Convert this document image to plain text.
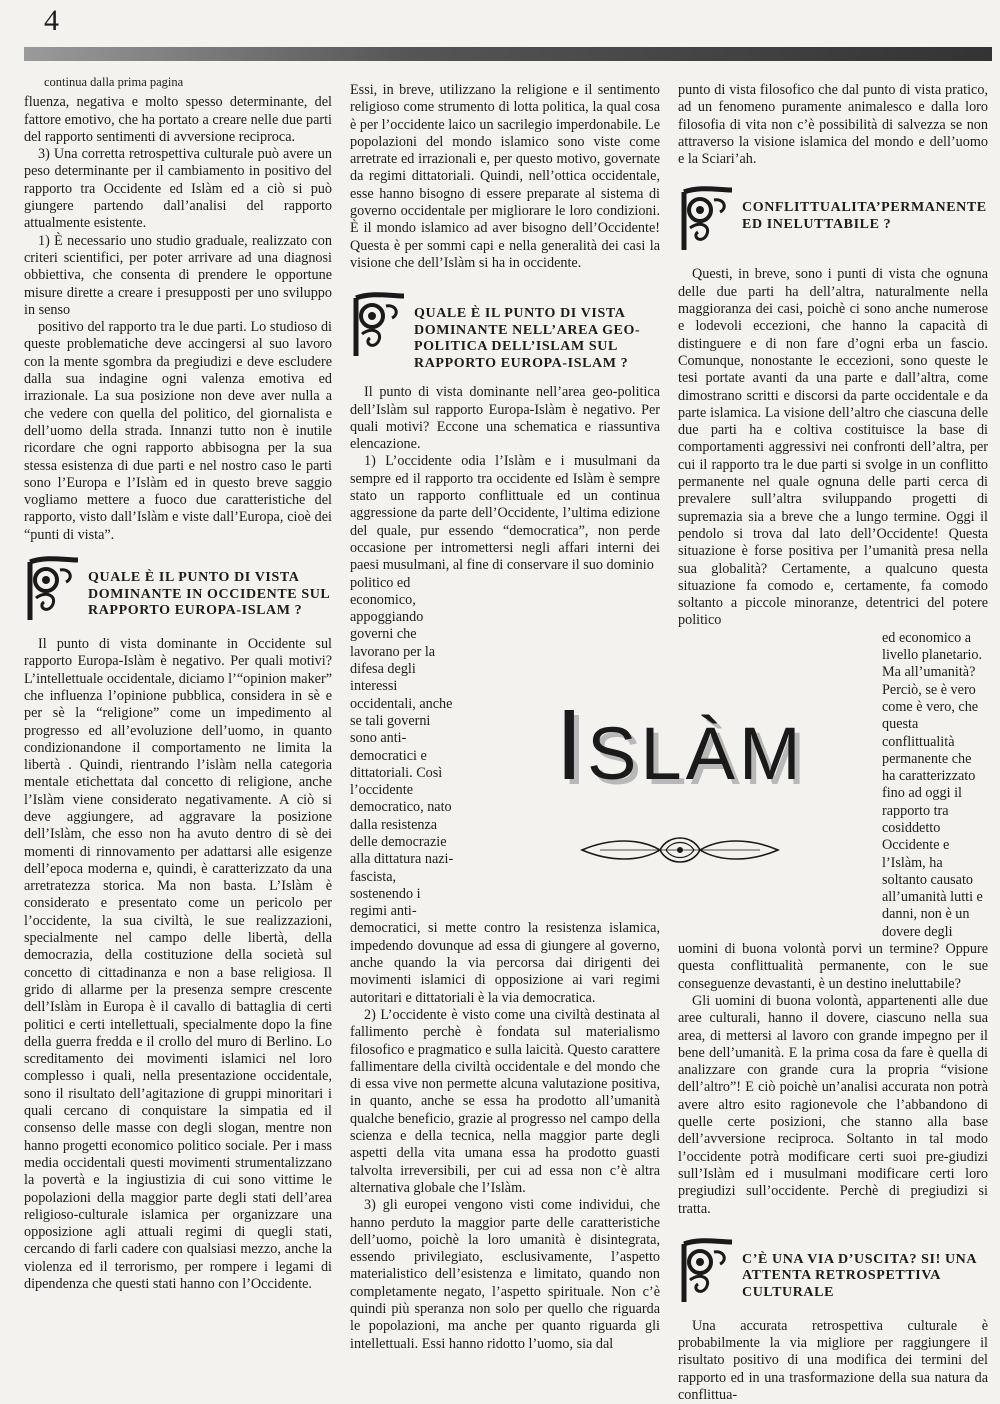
4

continua dalla prima pagina

fluenza, negativa e molto spesso determinante, del fattore emotivo, che ha portato a creare nelle due parti del rapporto sentimenti di avversione reciproca.

3) Una corretta retrospettiva culturale può avere un peso determinante per il cambiamento in positivo del rapporto tra Occidente ed Islàm ed a ciò si può giungere partendo dall’analisi del rapporto attualmente esistente.

1) È necessario uno studio graduale, realizzato con criteri scientifici, per poter arrivare ad una diagnosi obbiettiva, che consenta di prendere le opportune misure dirette a creare i presupposti per uno sviluppo in senso

positivo del rapporto tra le due parti. Lo studioso di queste problematiche deve accingersi al suo lavoro con la mente sgombra da pregiudizi e deve escludere dalla sua indagine ogni valenza emotiva ed irrazionale. La sua posizione non deve aver nulla a che vedere con quella del politico, del giornalista e dell’uomo della strada. Innanzi tutto non è inutile ricordare che ogni rapporto abbisogna per la sua stessa esistenza di due parti e nel nostro caso le parti sono l’Europa e l’Islàm ed in questo breve saggio vogliamo mettere a fuoco due caratteristiche del rapporto, visto dall’Islàm e viste dall’Europa, cioè dei “punti di vista”.

QUALE È IL PUNTO DI VISTA DOMINANTE IN OCCIDENTE SUL RAPPORTO EUROPA-ISLAM ?

Il punto di vista dominante in Occidente sul rapporto Europa-Islàm è negativo. Per quali motivi? L’intellettuale occidentale, diciamo l’“opinion maker” che influenza l’opinione pubblica, considera in sè e per sè la “religione” come un impedimento al progresso ed all’evoluzione dell’uomo, in quanto condizionandone il comportamento ne limita la libertà . Quindi, rientrando l’islàm nella categoria mentale etichettata dal concetto di religione, anche l’Islàm viene considerato negativamente. A ciò si deve aggiungere, ad aggravare la posizione dell’Islàm, che esso non ha avuto dentro di sè dei momenti di rinnovamento per adattarsi alle esigenze dell’epoca moderna e, quindi, è caratterizzato da una arretratezza storica. Ma non basta. L’Islàm è considerato e presentato come un pericolo per l’occidente, la sua civiltà, le sue realizzazioni, specialmente nel campo delle libertà, della democrazia, della costituzione della società sul concetto di cittadinanza e non a base religiosa. Il grido di allarme per la presenza sempre crescente dell’Islàm in Europa è il cavallo di battaglia di certi politici e certi intellettuali, specialmente dopo la fine della guerra fredda e il crollo del muro di Berlino. Lo screditamento dei movimenti islamici nel loro complesso i quali, nella presentazione occidentale, sono il risultato dell’agitazione di gruppi minoritari i quali cercano di conquistare la simpatia ed il consenso delle masse con degli slogan, mentre non hanno progetti economico politico sociale. Per i mass media occidentali questi movimenti strumentalizzano la povertà e la ingiustizia di cui sono vittime le popolazioni della maggior parte degli stati dell’area religioso-culturale islamica per organizzare una opposizione agli attuali regimi di quegli stati, cercando di farli cadere con qualsiasi mezzo, anche la violenza ed il terrorismo, per rompere i legami di dipendenza che questi stati hanno con l’Occidente.

Essi, in breve, utilizzano la religione e il sentimento religioso come strumento di lotta politica, la qual cosa è per l’occidente laico un sacrilegio imperdonabile. Le popolazioni del mondo islamico sono viste come arretrate ed irrazionali e, per questo motivo, governate da regimi dittatoriali. Quindi, nell’ottica occidentale, esse hanno bisogno di essere preparate al sistema di governo occidentale per migliorare le loro condizioni. È il mondo islamico ad aver bisogno dell’Occidente! Questa è per sommi capi e nella generalità dei casi la visione che dell’Islàm si ha in occidente.

QUALE È IL PUNTO DI VISTA DOMINANTE NELL’AREA GEO-POLITICA DELL’ISLAM SUL RAPPORTO EUROPA-ISLAM ?

Il punto di vista dominante nell’area geo-politica dell’Islàm sul rapporto Europa-Islàm è negativo. Per quali motivi? Eccone una schematica e riassuntiva elencazione.

1) L’occidente odia l’Islàm e i musulmani da sempre ed il rapporto tra occidente ed Islàm è sempre stato un rapporto conflittuale ed un continua aggressione da parte dell’Occidente, l’ultima edizione del quale, pur essendo “democratica”, non perde occasione per intromettersi negli affari interni dei paesi musulmani, al fine di conservare il suo dominio

politico ed economico, appoggiando governi che lavorano per la difesa degli interessi occidentali, anche se tali governi sono anti-democratici e dittatoriali. Così l’occidente democratico, nato dalla resistenza delle democrazie alla dittatura nazi-fascista, sostenendo i regimi anti-

democratici, si mette contro la resistenza islamica, impedendo dovunque ad essa di giungere al governo, anche quando la via percorsa dai dirigenti dei movimenti islamici di opposizione ai vari regimi autoritari e dittatoriali è la via democratica.

2) L’occidente è visto come una civiltà destinata al fallimento perchè è fondata sul materialismo filosofico e pragmatico e sulla laicità. Questo carattere fallimentare della civiltà occidentale e del mondo che di essa vive non permette alcuna valutazione positiva, in quanto, anche se essa ha prodotto all’umanità qualche beneficio, grazie al progresso nel campo della scienza e della tecnica, nella maggior parte degli aspetti della vita umana essa ha prodotto guasti talvolta irreversibili, per cui ad essa non c’è altra alternativa globale che l’Islàm.

3) gli europei vengono visti come individui, che hanno perduto la maggior parte delle caratteristiche dell’uomo, poichè la loro umanità è disintegrata, essendo privilegiato, esclusivamente, l’aspetto materialistico dell’esistenza e limitato, quando non completamente negato, l’aspetto spirituale. Non c’è quindi più speranza non solo per quello che riguarda le popolazioni, ma anche per quanto riguarda gli intellettuali. Essi hanno ridotto l’uomo, sia dal

punto di vista filosofico che dal punto di vista pratico, ad un fenomeno puramente animalesco e dalla loro filosofia di vita non c’è possibilità di salvezza se non attraverso la visione islamica del mondo e dell’uomo e la Sciari’ah.

CONFLITTUALITA’PERMANENTE ED INELUTTABILE ?

Questi, in breve, sono i punti di vista che ognuna delle due parti ha dell’altra, naturalmente nella maggioranza dei casi, poichè ci sono anche numerose e lodevoli eccezioni, che hanno la capacità di distinguere e di non fare d’ogni erba un fascio. Comunque, nonostante le eccezioni, sono queste le tesi portate avanti da una parte e dall’altra, come dimostrano scritti e discorsi da parte occidentale e da parte islamica. La visione dell’altro che ciascuna delle due parti ha e coltiva costituisce la base di comportamenti aggressivi nei confronti dell’altra, per cui il rapporto tra le due parti si svolge in un conflitto permanente nel quale ognuna delle parti cerca di prevalere sull’altra sviluppando progetti di supremazia sia a breve che a lungo termine. Oggi il pendolo si trova dal lato dell’Occidente! Questa situazione è forse positiva per l’umanità presa nella sua globalità? Certamente, a qualcuno questa situazione fa comodo e, certamente, fa comodo soltanto a piccole minoranze, detentrici del potere politico

ed economico a livello planetario. Ma all’umanità? Perciò, se è vero come è vero, che questa conflittualità permanente che ha caratterizzato fino ad oggi il rapporto tra cosiddetto Occidente e l’Islàm, ha soltanto causato all’umanità lutti e danni, non è un dovere degli

uomini di buona volontà porvi un termine? Oppure questa conflittualità permanente, con le sue conseguenze devastanti, è un destino ineluttabile?

Gli uomini di buona volontà, appartenenti alle due aree culturali, hanno il dovere, ciascuno nella sua area, di mettersi al lavoro con grande impegno per il bene dell’umanità. E la prima cosa da fare è quella di analizzare con grande cura la propria “visione dell’altro”! E ciò poichè un’analisi accurata non potrà avere altro esito ragionevole che l’abbandono di quelle certe posizioni, che stanno alla base dell’avversione reciproca. Soltanto in tal modo l’occidente potrà modificare certi suoi pre-giudizi sull’Islàm ed i musulmani modificare certi loro pregiudizi sull’occidente. Perchè di pregiudizi si tratta.

C’È UNA VIA D’USCITA? SI! UNA ATTENTA RETROSPETTIVA CULTURALE

Una accurata retrospettiva culturale è probabilmente la via migliore per raggiungere il risultato positivo di una modifica dei termini del rapporto ed in una trasformazione della sua natura da conflittua-

ISLÀM
